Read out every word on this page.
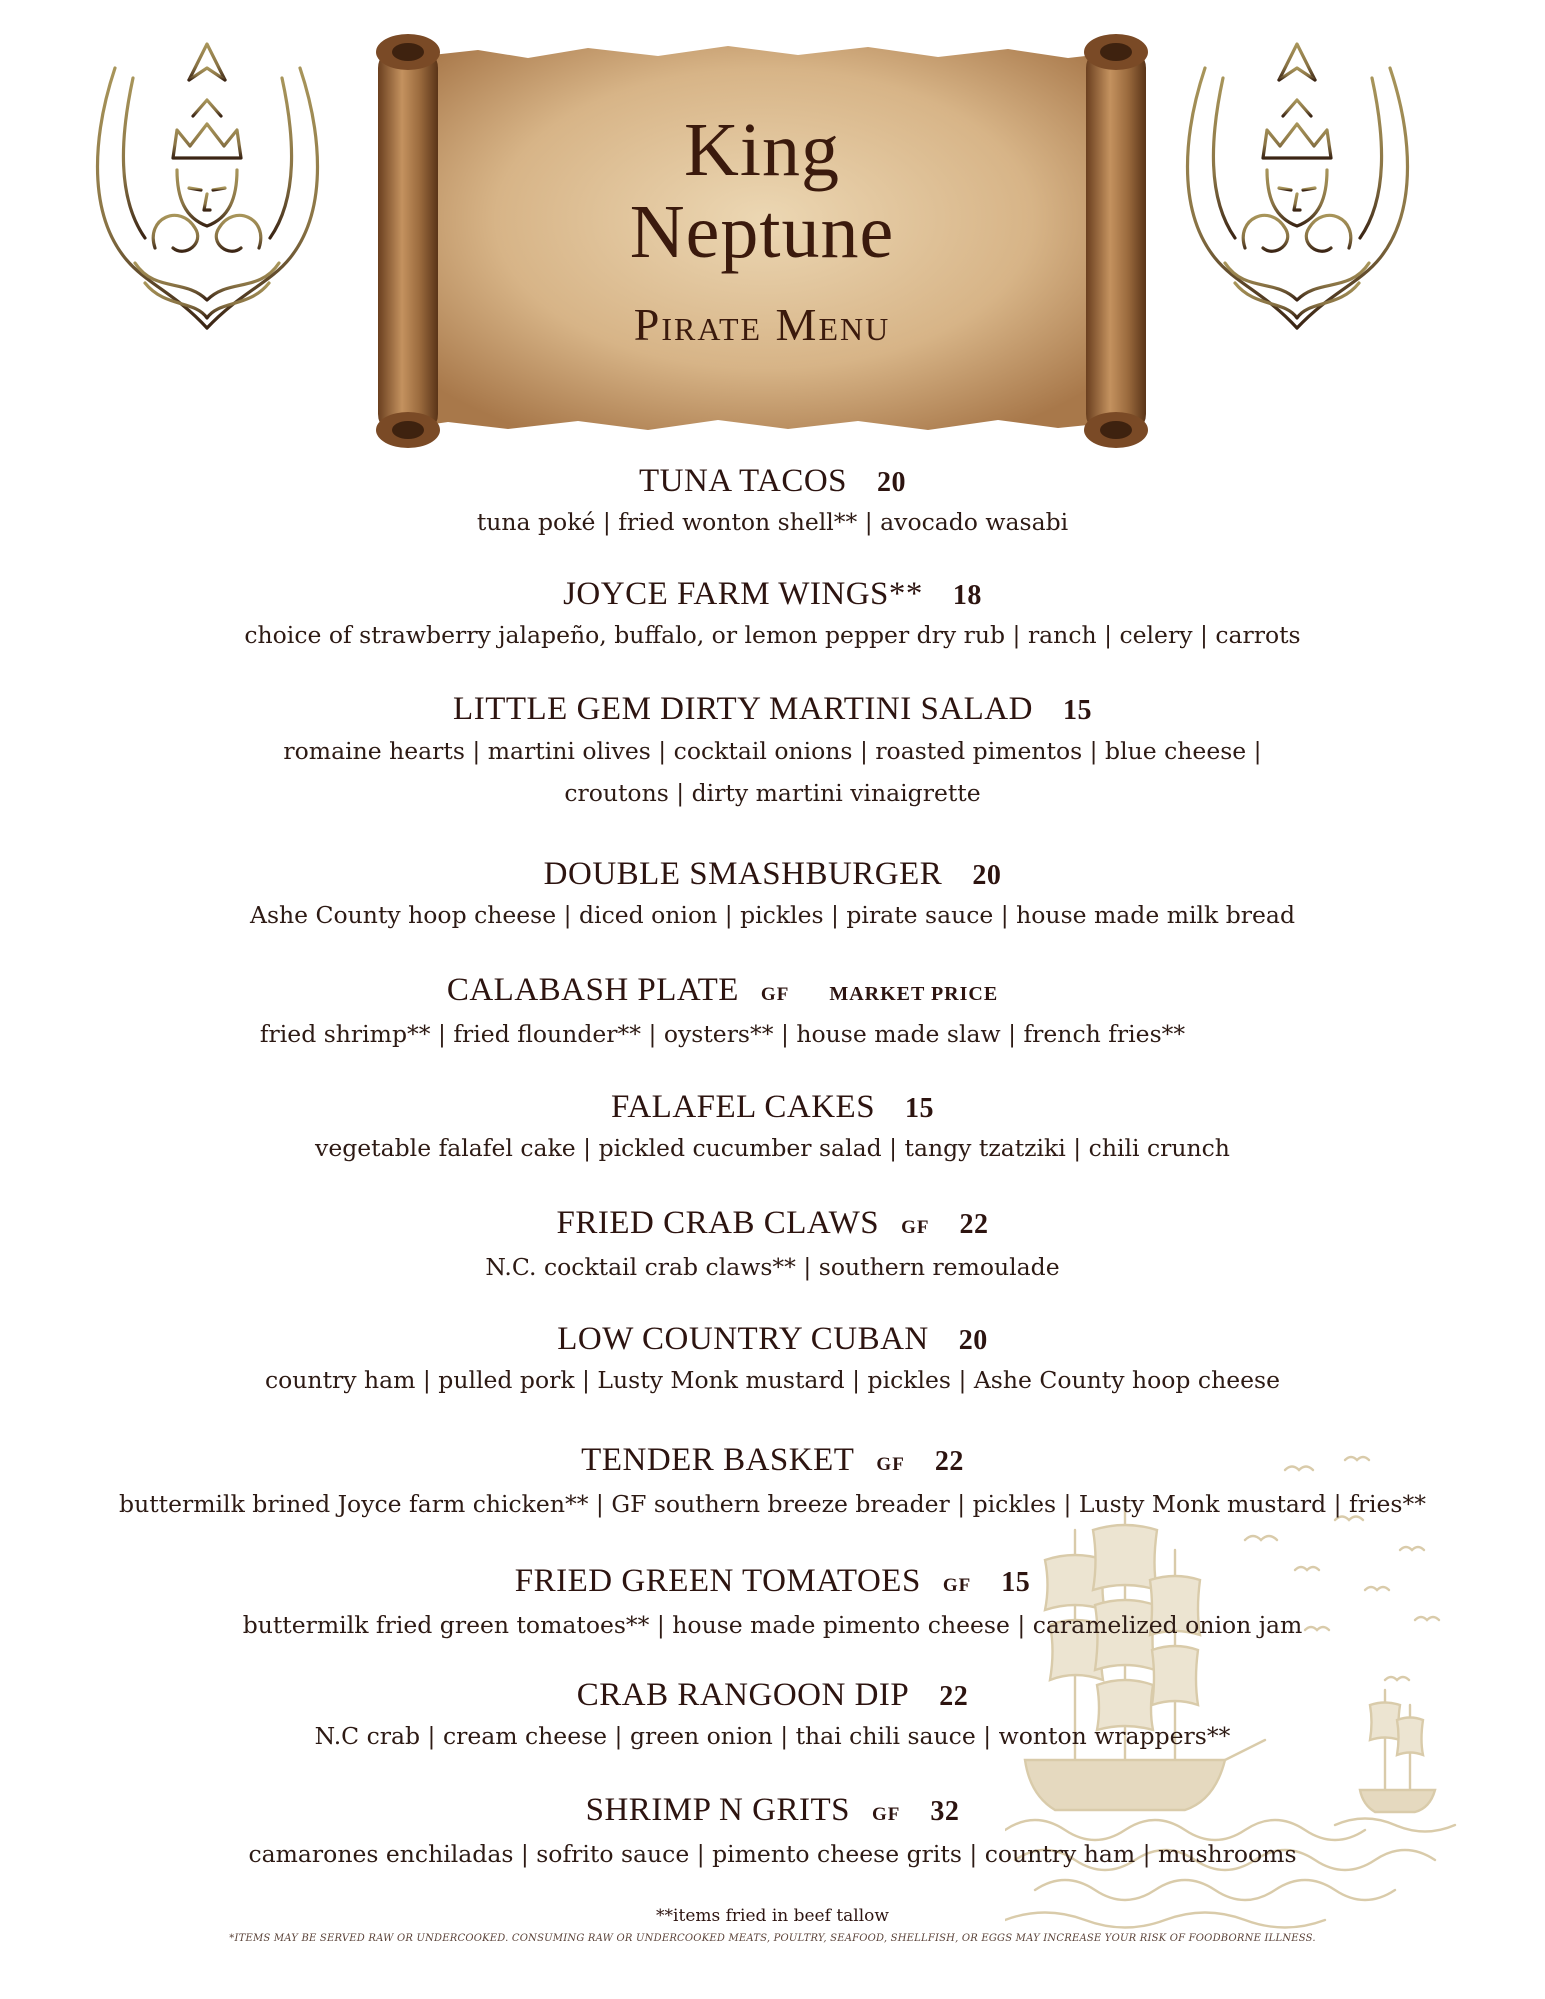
King
Neptune
Pirate Menu
TUNA TACOS 20
tuna poké | fried wonton shell** | avocado wasabi
JOYCE FARM WINGS** 18
choice of strawberry jalapeño, buffalo, or lemon pepper dry rub | ranch | celery | carrots
LITTLE GEM DIRTY MARTINI SALAD 15
romaine hearts | martini olives | cocktail onions | roasted pimentos | blue cheese | croutons | dirty martini vinaigrette
DOUBLE SMASHBURGER 20
Ashe County hoop cheese | diced onion | pickles | pirate sauce | house made milk bread
CALABASH PLATE GF MARKET PRICE
fried shrimp** | fried flounder** | oysters** | house made slaw | french fries**
FALAFEL CAKES 15
vegetable falafel cake | pickled cucumber salad | tangy tzatziki | chili crunch
FRIED CRAB CLAWS GF 22
N.C. cocktail crab claws** | southern remoulade
LOW COUNTRY CUBAN 20
country ham | pulled pork | Lusty Monk mustard | pickles | Ashe County hoop cheese
TENDER BASKET GF 22
buttermilk brined Joyce farm chicken** | GF southern breeze breader | pickles | Lusty Monk mustard | fries**
FRIED GREEN TOMATOES GF 15
buttermilk fried green tomatoes** | house made pimento cheese | caramelized onion jam
CRAB RANGOON DIP 22
N.C crab | cream cheese | green onion | thai chili sauce | wonton wrappers**
SHRIMP N GRITS GF 32
camarones enchiladas | sofrito sauce | pimento cheese grits | country ham | mushrooms
**items fried in beef tallow
*ITEMS MAY BE SERVED RAW OR UNDERCOOKED. CONSUMING RAW OR UNDERCOOKED MEATS, POULTRY, SEAFOOD, SHELLFISH, OR EGGS MAY INCREASE YOUR RISK OF FOODBORNE ILLNESS.
